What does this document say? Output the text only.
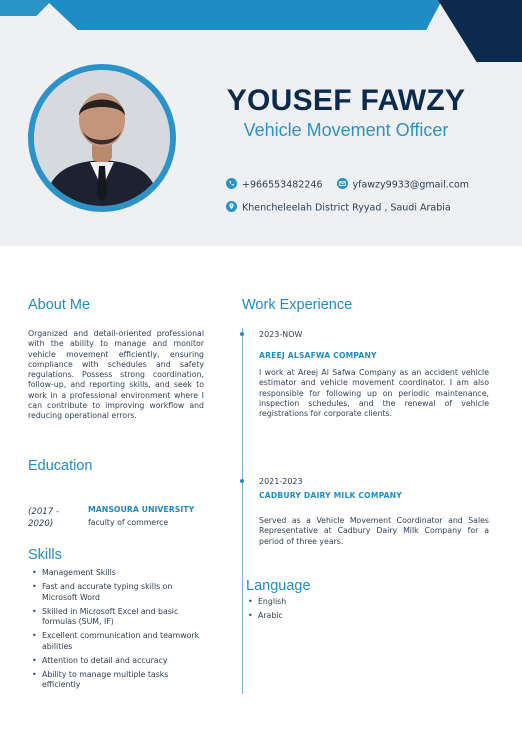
YOUSEF FAWZY
Vehicle Movement Officer
+966553482246	yfawzy9933@gmail.com
Khencheleelah District Ryyad , Saudi Arabia
About Me
Organized and detail-oriented professional with the ability to manage and monitor vehicle movement efficiently, ensuring compliance with schedules and safety regulations. Possess strong coordination, follow-up, and reporting skills, and seek to work in a professional environment where I can contribute to improving workflow and reducing operational errors.
Education
(2017 - 2020)
MANSOURA UNIVERSITY
faculty of commerce
Skills
• Management Skills
• Fast and accurate typing skills on Microsoft Word
• Skilled in Microsoft Excel and basic formulas (SUM, IF)
• Excellent communication and teamwork abilities
• Attention to detail and accuracy
• Ability to manage multiple tasks efficiently
Work Experience
2023-NOW
AREEJ ALSAFWA COMPANY
I work at Areej Al Safwa Company as an accident vehicle estimator and vehicle movement coordinator. I am also responsible for following up on periodic maintenance, inspection schedules, and the renewal of vehicle registrations for corporate clients.
2021-2023
CADBURY DAIRY MILK COMPANY
Served as a Vehicle Movement Coordinator and Sales Representative at Cadbury Dairy Milk Company for a period of three years.
Language
• English
• Arabic
